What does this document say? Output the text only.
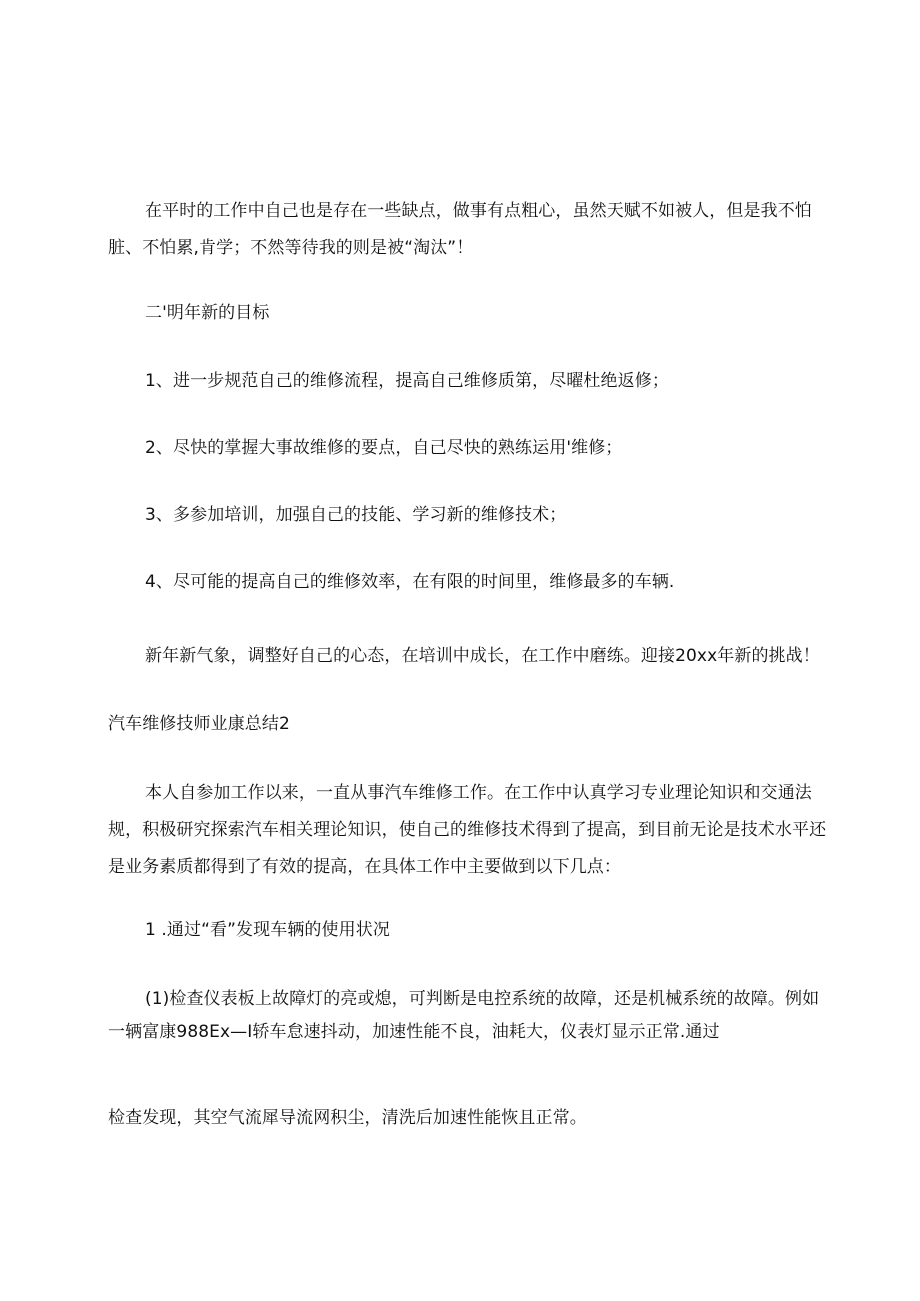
在平时的工作中自己也是存在一些缺点，做事有点粗心，虽然天赋不如被人，但是我不怕
脏、不怕累,肯学；不然等待我的则是被“淘汰”！
二'明年新的目标
1、进一步规范自己的维修流程，提高自己维修质第，尽曜杜绝返修；
2、尽快的掌握大事故维修的要点，自己尽快的熟练运用'维修；
3、多参加培训，加强自己的技能、学习新的维修技术；
4、尽可能的提高自己的维修效率，在有限的时间里，维修最多的车辆.
新年新气象，调整好自己的心态，在培训中成长，在工作中磨练。迎接20xx年新的挑战！
汽车维修技师业康总结2
本人自参加工作以来，一直从事汽车维修工作。在工作中认真学习专业理论知识和交通法
规，积极研究探索汽车相关理论知识，使自己的维修技术得到了提高，到目前无论是技术水平还
是业务素质都得到了有效的提高，在具体工作中主要做到以下几点：
1 .通过“看”发现车辆的使用状况
(1)检查仪表板上故障灯的亮或熄，可判断是电控系统的故障，还是机械系统的故障。例如
一辆富康988Ex—I轿车怠速抖动，加速性能不良，油耗大，仪表灯显示正常.通过
检查发现，其空气流犀导流网积尘，清洗后加速性能恢且正常。
